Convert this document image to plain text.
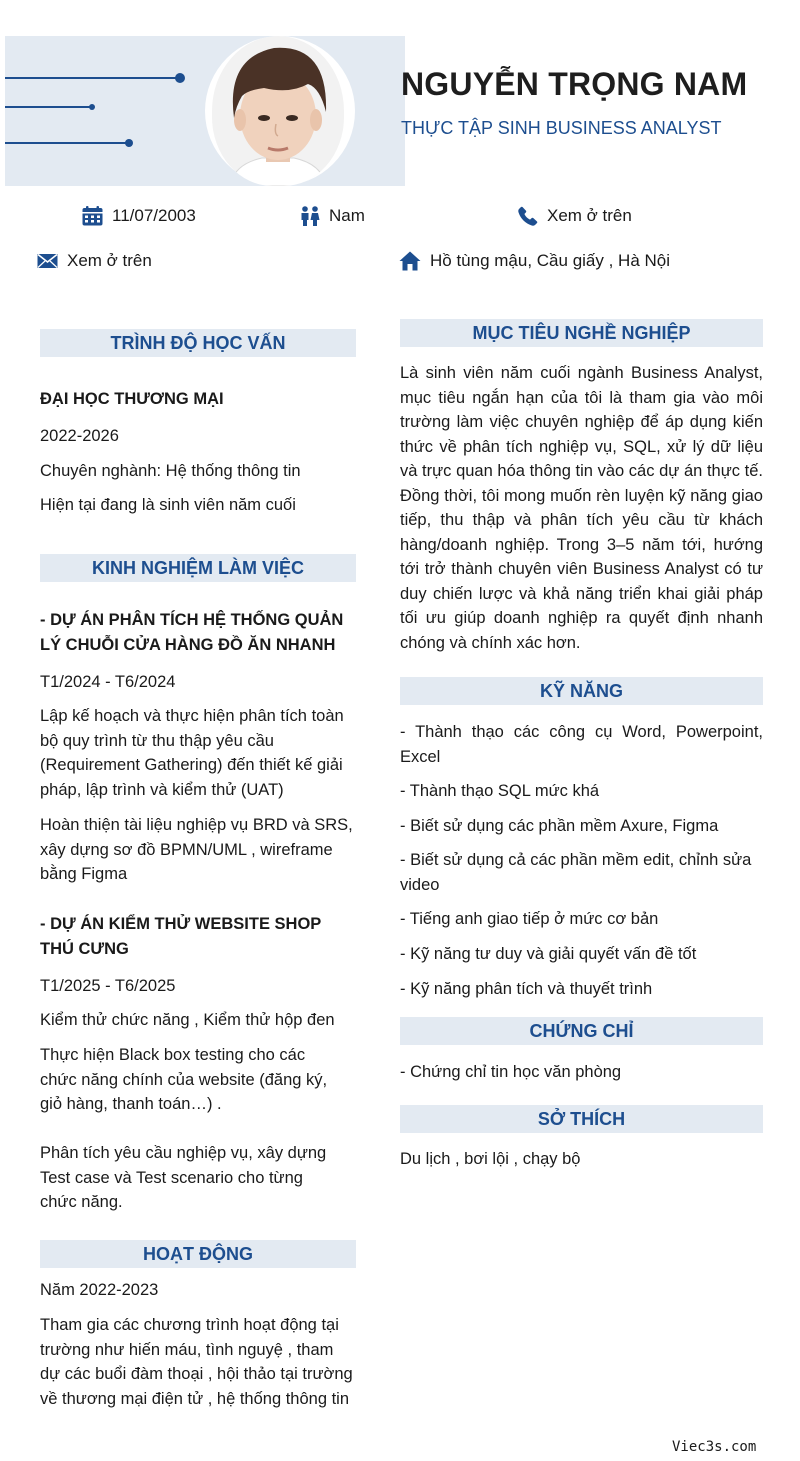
NGUYỄN TRỌNG NAM
THỰC TẬP SINH BUSINESS ANALYST
11/07/2003	Nam	Xem ở trên
Xem ở trên	Hồ tùng mậu, Cầu giấy , Hà Nội
TRÌNH ĐỘ HỌC VẤN
ĐẠI HỌC THƯƠNG MẠI
2022-2026
Chuyên nghành: Hệ thống thông tin
Hiện tại đang là sinh viên năm cuối
KINH NGHIỆM LÀM VIỆC
- DỰ ÁN PHÂN TÍCH HỆ THỐNG QUẢN LÝ CHUỖI CỬA HÀNG ĐỒ ĂN NHANH
T1/2024 - T6/2024
Lập kế hoạch và thực hiện phân tích toàn bộ quy trình từ thu thập yêu cầu (Requirement Gathering) đến thiết kế giải pháp, lập trình và kiểm thử (UAT)
Hoàn thiện tài liệu nghiệp vụ BRD và SRS, xây dựng sơ đồ BPMN/UML , wireframe bằng Figma
- DỰ ÁN KIỂM THỬ WEBSITE SHOP THÚ CƯNG
T1/2025 - T6/2025
Kiểm thử chức năng , Kiểm thử hộp đen
Thực hiện Black box testing cho các chức năng chính của website (đăng ký, giỏ hàng, thanh toán…) .
Phân tích yêu cầu nghiệp vụ, xây dựng Test case và Test scenario cho từng chức năng.
HOẠT ĐỘNG
Năm 2022-2023
Tham gia các chương trình hoạt động tại trường như hiến máu, tình nguyệ , tham dự các buổi đàm thoại , hội thảo tại trường về thương mại điện tử , hệ thống thông tin
MỤC TIÊU NGHỀ NGHIỆP
Là sinh viên năm cuối ngành Business Analyst, mục tiêu ngắn hạn của tôi là tham gia vào môi trường làm việc chuyên nghiệp để áp dụng kiến thức về phân tích nghiệp vụ, SQL, xử lý dữ liệu và trực quan hóa thông tin vào các dự án thực tế. Đồng thời, tôi mong muốn rèn luyện kỹ năng giao tiếp, thu thập và phân tích yêu cầu từ khách hàng/doanh nghiệp. Trong 3–5 năm tới, hướng tới trở thành chuyên viên Business Analyst có tư duy chiến lược và khả năng triển khai giải pháp tối ưu giúp doanh nghiệp ra quyết định nhanh chóng và chính xác hơn.
KỸ NĂNG
- Thành thạo các công cụ Word, Powerpoint, Excel
- Thành thạo SQL mức khá
- Biết sử dụng các phần mềm Axure, Figma
- Biết sử dụng cả các phần mềm edit, chỉnh sửa video
- Tiếng anh giao tiếp ở mức cơ bản
- Kỹ năng tư duy và giải quyết vấn đề tốt
- Kỹ năng phân tích và thuyết trình
CHỨNG CHỈ
- Chứng chỉ tin học văn phòng
SỞ THÍCH
Du lịch , bơi lội , chạy bộ
Viec3s.com
